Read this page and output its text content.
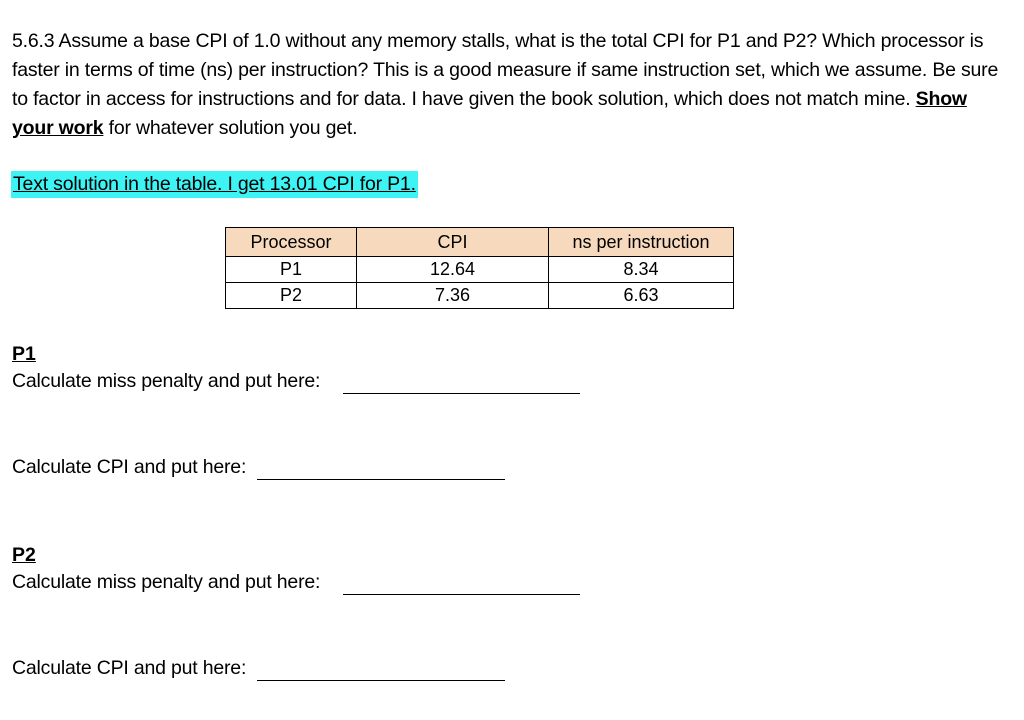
5.6.3 Assume a base CPI of 1.0 without any memory stalls, what is the total CPI for P1 and P2? Which processor is faster in terms of time (ns) per instruction? This is a good measure if same instruction set, which we assume. Be sure to factor in access for instructions and for data. I have given the book solution, which does not match mine. Show your work for whatever solution you get.

Text solution in the table. I get 13.01 CPI for P1.
Processor	CPI	ns per instruction
P1	12.64	8.34
P2	7.36	6.63
P1
Calculate miss penalty and put here:
Calculate CPI and put here:
P2
Calculate miss penalty and put here:
Calculate CPI and put here:
